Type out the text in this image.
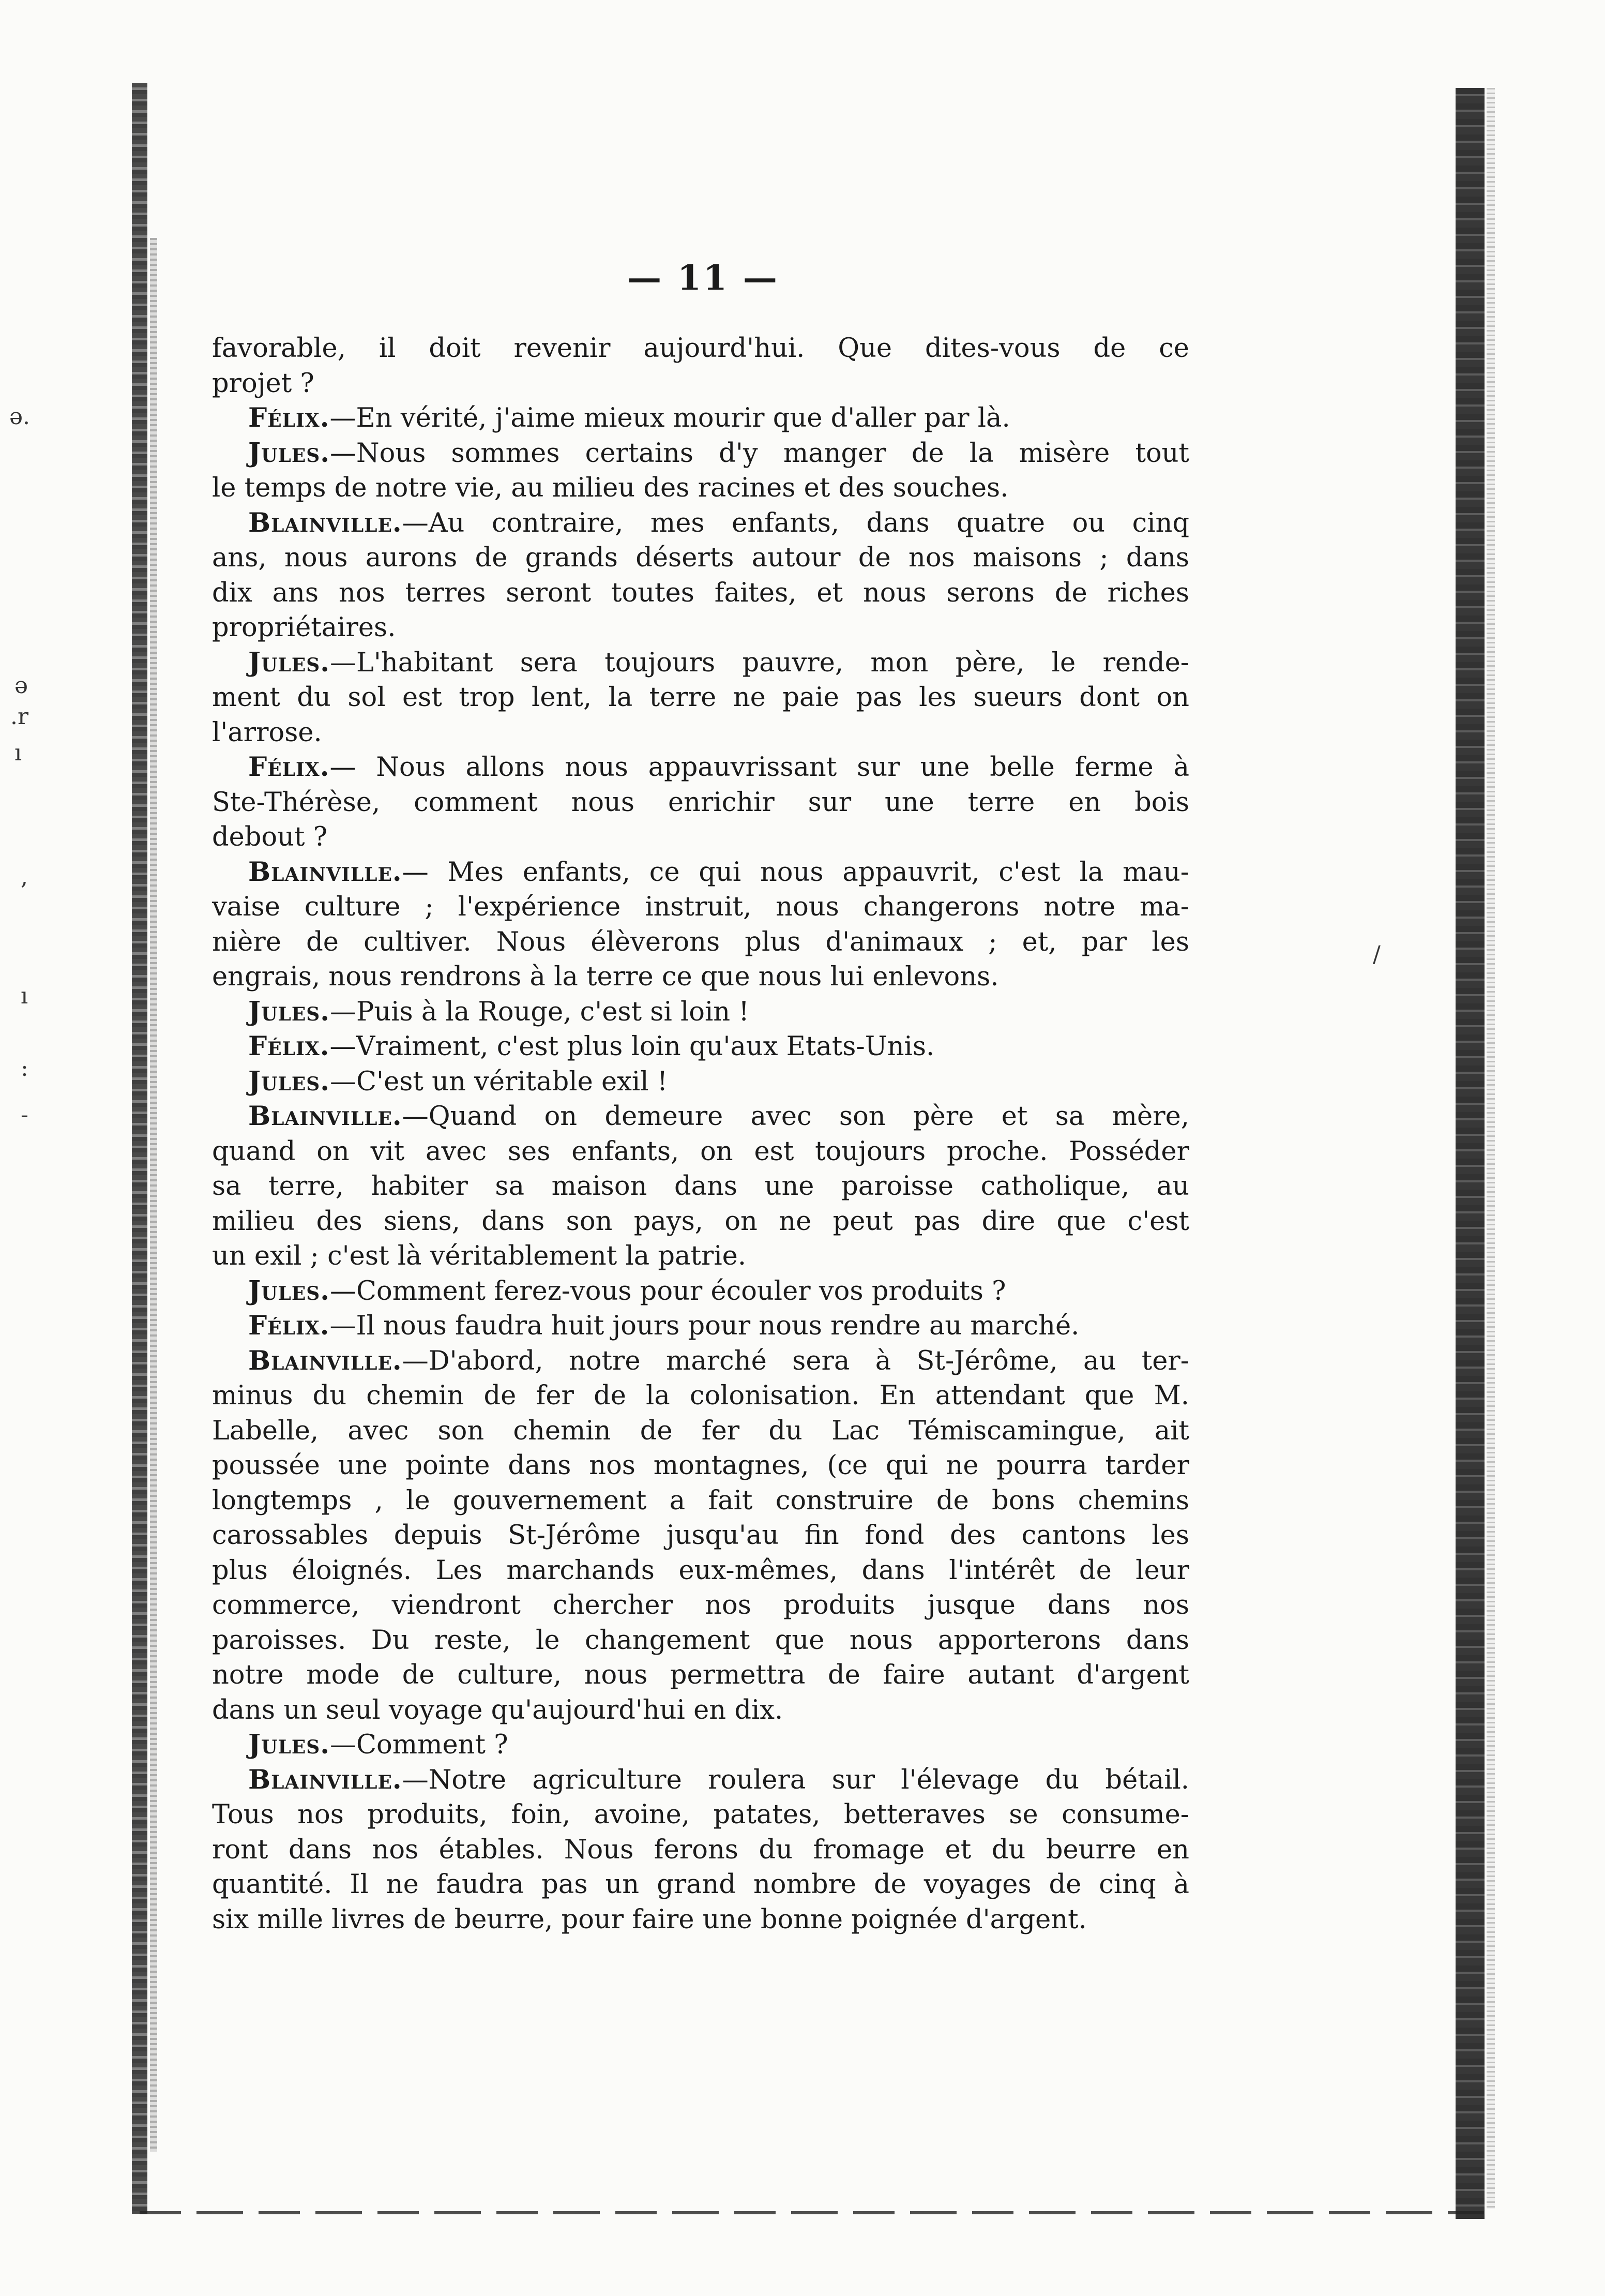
ə.
ə
.r
ı
,
ı
:
-
/
— 11 —
favorable, il doit revenir aujourd'hui. Que dites-vous de ce
projet ?
Félix.—En vérité, j'aime mieux mourir que d'aller par là.
Jules.—Nous sommes certains d'y manger de la misère tout
le temps de notre vie, au milieu des racines et des souches.
Blainville.—Au contraire, mes enfants, dans quatre ou cinq
ans, nous aurons de grands déserts autour de nos maisons ; dans
dix ans nos terres seront toutes faites, et nous serons de riches
propriétaires.
Jules.—L'habitant sera toujours pauvre, mon père, le rende-
ment du sol est trop lent, la terre ne paie pas les sueurs dont on
l'arrose.
Félix.— Nous allons nous appauvrissant sur une belle ferme à
Ste-Thérèse, comment nous enrichir sur une terre en bois
debout ?
Blainville.— Mes enfants, ce qui nous appauvrit, c'est la mau-
vaise culture ; l'expérience instruit, nous changerons notre ma-
nière de cultiver. Nous élèverons plus d'animaux ; et, par les
engrais, nous rendrons à la terre ce que nous lui enlevons.
Jules.—Puis à la Rouge, c'est si loin !
Félix.—Vraiment, c'est plus loin qu'aux Etats-Unis.
Jules.—C'est un véritable exil !
Blainville.—Quand on demeure avec son père et sa mère,
quand on vit avec ses enfants, on est toujours proche. Posséder
sa terre, habiter sa maison dans une paroisse catholique, au
milieu des siens, dans son pays, on ne peut pas dire que c'est
un exil ; c'est là véritablement la patrie.
Jules.—Comment ferez-vous pour écouler vos produits ?
Félix.—Il nous faudra huit jours pour nous rendre au marché.
Blainville.—D'abord, notre marché sera à St-Jérôme, au ter-
minus du chemin de fer de la colonisation. En attendant que M.
Labelle, avec son chemin de fer du Lac Témiscamingue, ait
poussée une pointe dans nos montagnes, (ce qui ne pourra tarder
longtemps , le gouvernement a fait construire de bons chemins
carossables depuis St-Jérôme jusqu'au fin fond des cantons les
plus éloignés. Les marchands eux-mêmes, dans l'intérêt de leur
commerce, viendront chercher nos produits jusque dans nos
paroisses. Du reste, le changement que nous apporterons dans
notre mode de culture, nous permettra de faire autant d'argent
dans un seul voyage qu'aujourd'hui en dix.
Jules.—Comment ?
Blainville.—Notre agriculture roulera sur l'élevage du bétail.
Tous nos produits, foin, avoine, patates, betteraves se consume-
ront dans nos étables. Nous ferons du fromage et du beurre en
quantité. Il ne faudra pas un grand nombre de voyages de cinq à
six mille livres de beurre, pour faire une bonne poignée d'argent.
